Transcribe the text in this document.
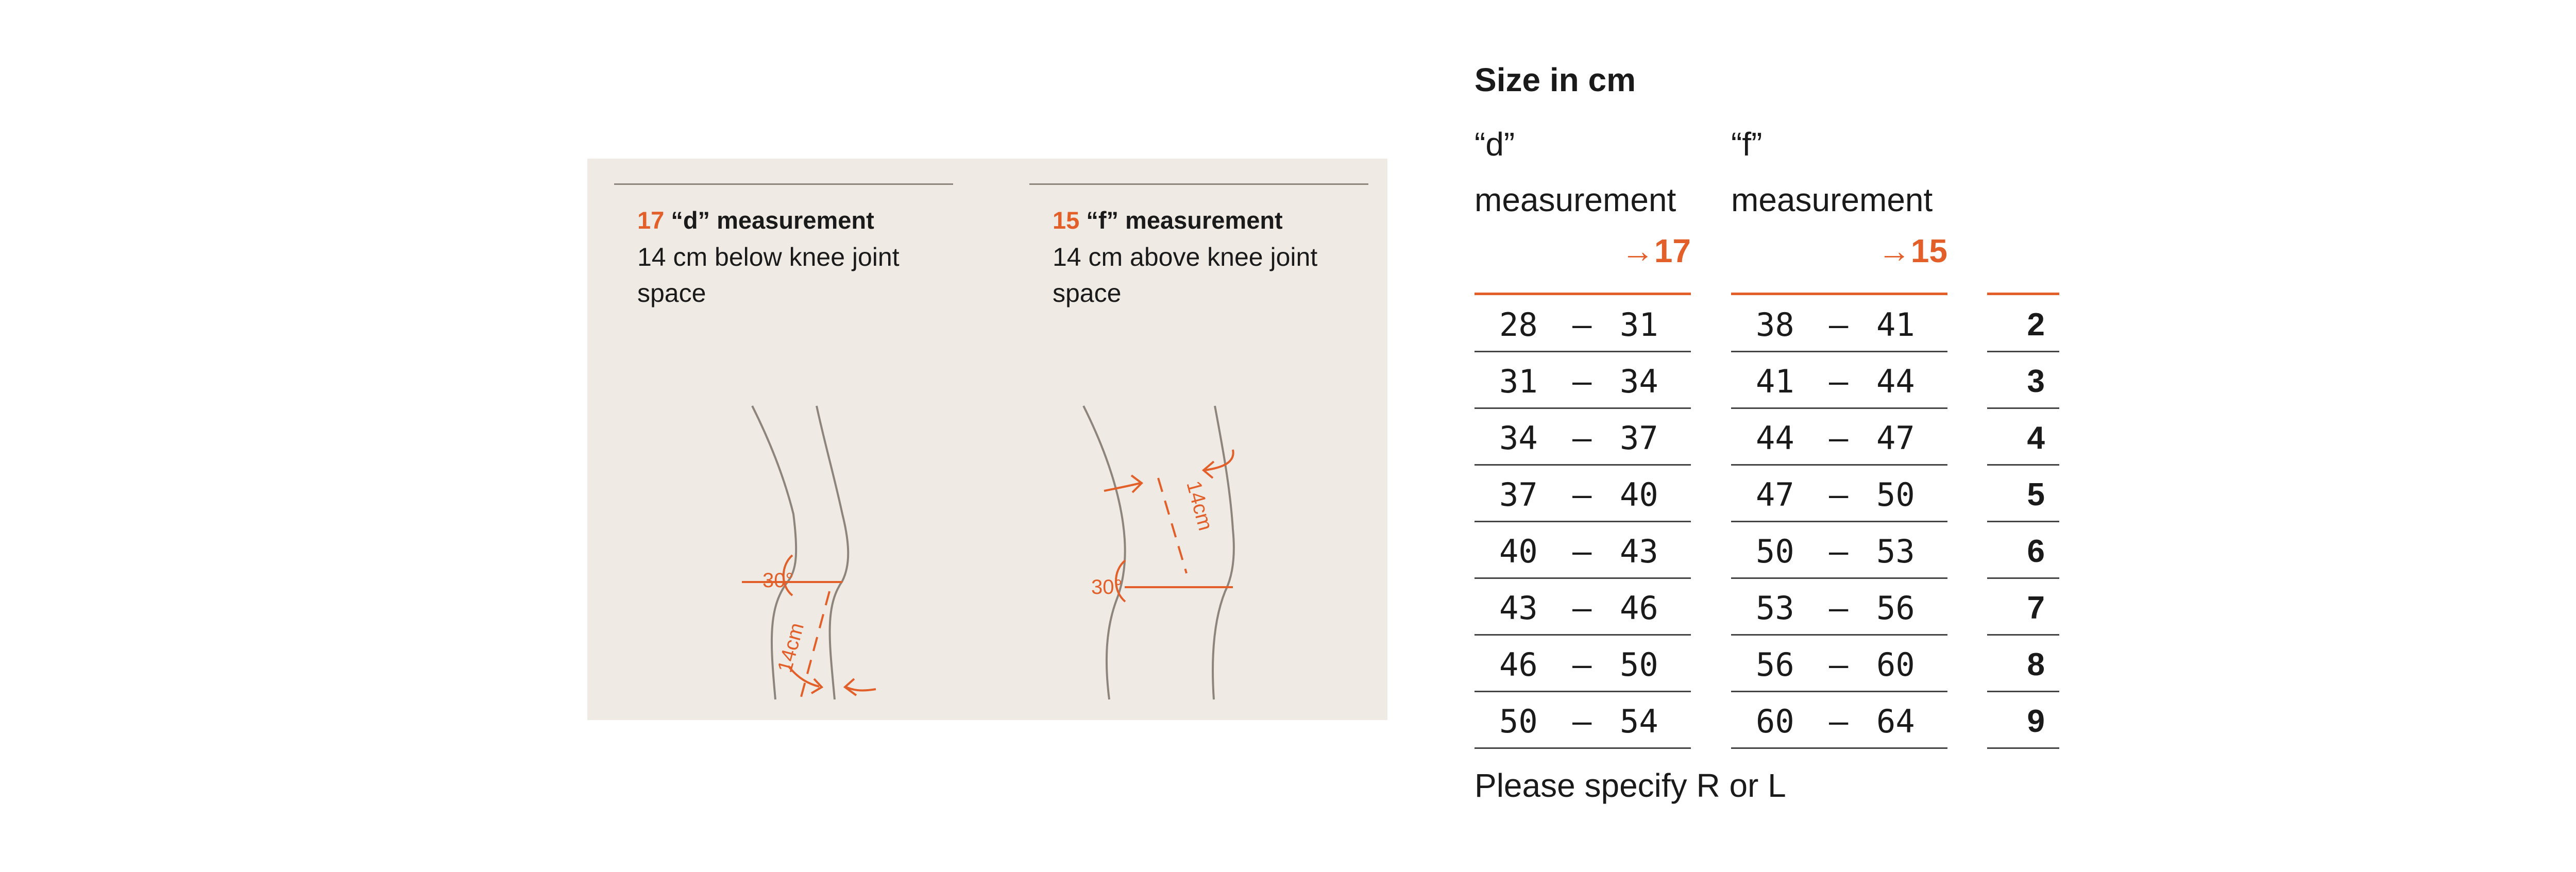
17 “d” measurement
14 cm below knee joint space
15 “f” measurement
14 cm above knee joint space
30°
14cm
30°
14cm
Size in cm
“d” measurement
“f” measurement
→17	→15
28 – 31	38 – 41	2
31 – 34	41 – 44	3
34 – 37	44 – 47	4
37 – 40	47 – 50	5
40 – 43	50 – 53	6
43 – 46	53 – 56	7
46 – 50	56 – 60	8
50 – 54	60 – 64	9
Please specify R or L
